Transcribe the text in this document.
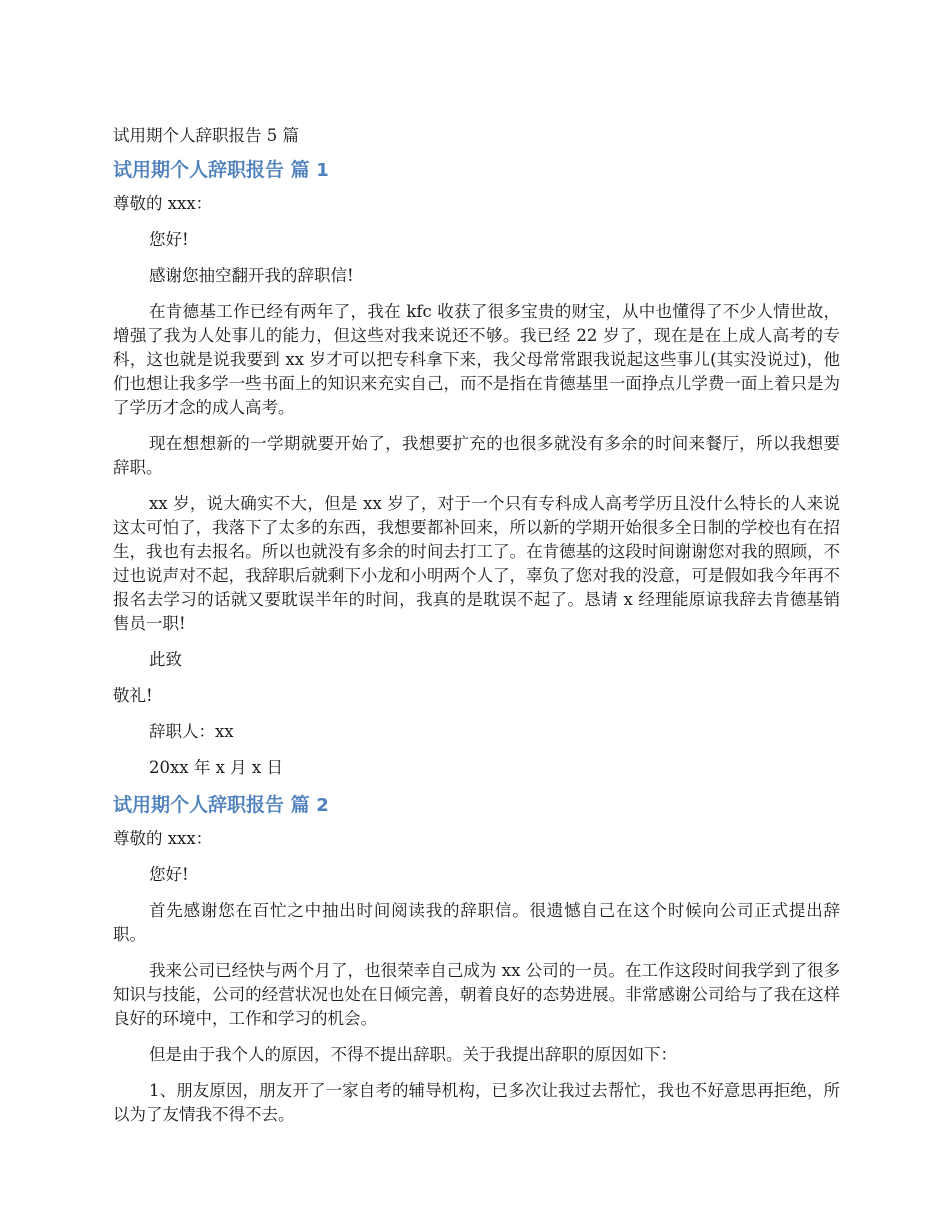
试用期个人辞职报告 5 篇
试用期个人辞职报告 篇 1

尊敬的 xxx：

您好!

感谢您抽空翻开我的辞职信!

在肯德基工作已经有两年了，我在 kfc 收获了很多宝贵的财宝，从中也懂得了不少人情世故，增强了我为人处事儿的能力，但这些对我来说还不够。我已经 22 岁了，现在是在上成人高考的专科，这也就是说我要到 xx 岁才可以把专科拿下来，我父母常常跟我说起这些事儿(其实没说过)，他们也想让我多学一些书面上的知识来充实自己，而不是指在肯德基里一面挣点儿学费一面上着只是为了学历才念的成人高考。

现在想想新的一学期就要开始了，我想要扩充的也很多就没有多余的时间来餐厅，所以我想要辞职。

xx 岁，说大确实不大，但是 xx 岁了，对于一个只有专科成人高考学历且没什么特长的人来说这太可怕了，我落下了太多的东西，我想要都补回来，所以新的学期开始很多全日制的学校也有在招生，我也有去报名。所以也就没有多余的时间去打工了。在肯德基的这段时间谢谢您对我的照顾，不过也说声对不起，我辞职后就剩下小龙和小明两个人了，辜负了您对我的没意，可是假如我今年再不报名去学习的话就又要耽误半年的时间，我真的是耽误不起了。恳请 x 经理能原谅我辞去肯德基销售员一职!

此致

敬礼!

辞职人：xx

20xx 年 x 月 x 日

试用期个人辞职报告 篇 2

尊敬的 xxx：

您好!

首先感谢您在百忙之中抽出时间阅读我的辞职信。很遗憾自己在这个时候向公司正式提出辞职。

我来公司已经快与两个月了，也很荣幸自己成为 xx 公司的一员。在工作这段时间我学到了很多知识与技能，公司的经营状况也处在日倾完善，朝着良好的态势进展。非常感谢公司给与了我在这样良好的环境中，工作和学习的机会。

但是由于我个人的原因，不得不提出辞职。关于我提出辞职的原因如下：

1、朋友原因，朋友开了一家自考的辅导机构，已多次让我过去帮忙，我也不好意思再拒绝，所以为了友情我不得不去。
